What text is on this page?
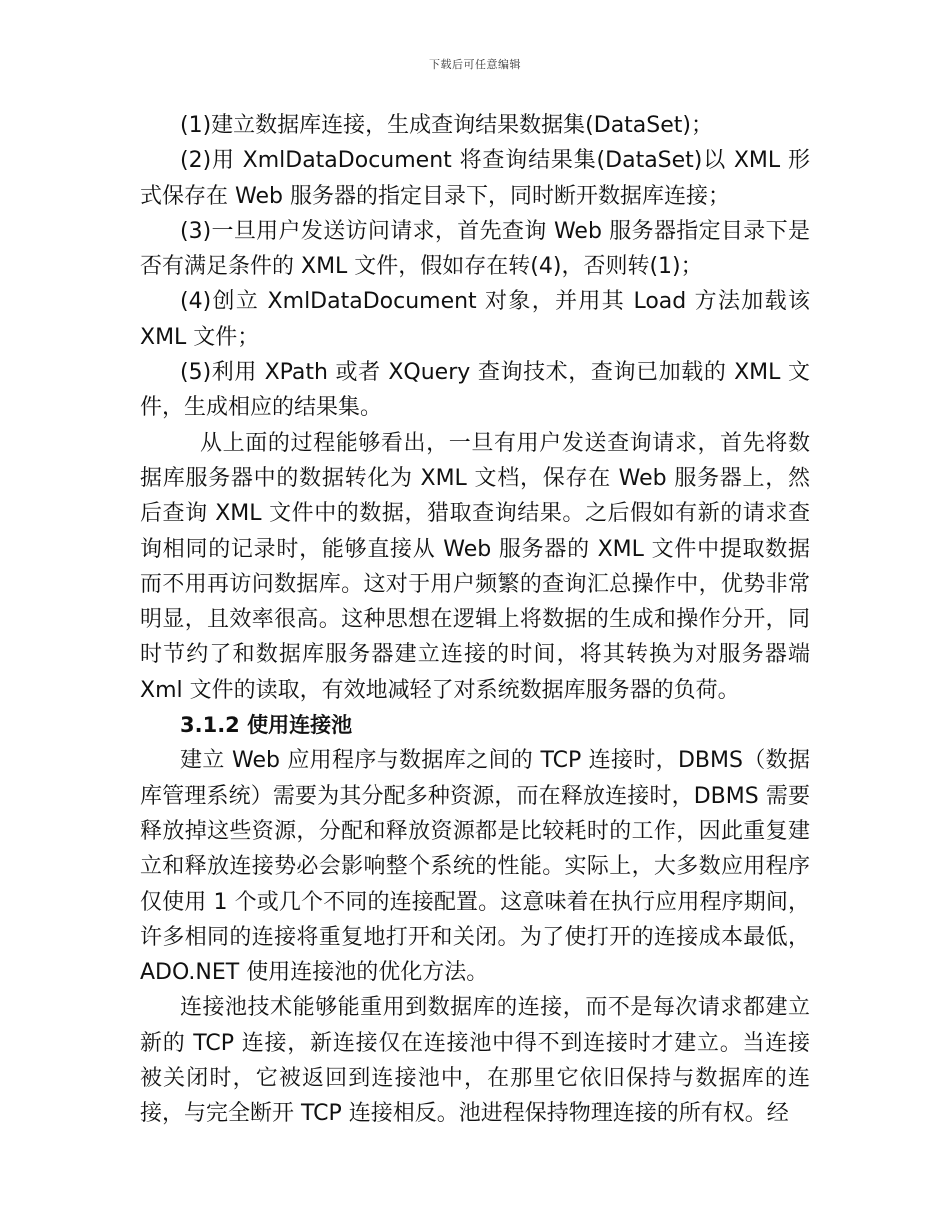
下载后可任意编辑

(1)建立数据库连接，生成查询结果数据集(DataSet)；

(2)用 XmlDataDocument 将查询结果集(DataSet)以 XML 形式保存在 Web 服务器的指定目录下，同时断开数据库连接；

(3)一旦用户发送访问请求，首先查询 Web 服务器指定目录下是否有满足条件的 XML 文件，假如存在转(4)，否则转(1)；

(4)创立 XmlDataDocument 对象，并用其 Load 方法加载该 XML 文件；

(5)利用 XPath 或者 XQuery 查询技术，查询已加载的 XML 文件，生成相应的结果集。

从上面的过程能够看出，一旦有用户发送查询请求，首先将数据库服务器中的数据转化为 XML 文档，保存在 Web 服务器上，然后查询 XML 文件中的数据，猎取查询结果。之后假如有新的请求查询相同的记录时，能够直接从 Web 服务器的 XML 文件中提取数据而不用再访问数据库。这对于用户频繁的查询汇总操作中，优势非常明显，且效率很高。这种思想在逻辑上将数据的生成和操作分开，同时节约了和数据库服务器建立连接的时间，将其转换为对服务器端 Xml 文件的读取，有效地减轻了对系统数据库服务器的负荷。

3.1.2 使用连接池

建立 Web 应用程序与数据库之间的 TCP 连接时，DBMS（数据库管理系统）需要为其分配多种资源，而在释放连接时，DBMS 需要释放掉这些资源，分配和释放资源都是比较耗时的工作，因此重复建立和释放连接势必会影响整个系统的性能。实际上，大多数应用程序仅使用 1 个或几个不同的连接配置。这意味着在执行应用程序期间，许多相同的连接将重复地打开和关闭。为了使打开的连接成本最低，ADO.NET 使用连接池的优化方法。

连接池技术能够能重用到数据库的连接，而不是每次请求都建立新的 TCP 连接，新连接仅在连接池中得不到连接时才建立。当连接被关闭时，它被返回到连接池中，在那里它依旧保持与数据库的连接，与完全断开 TCP 连接相反。池进程保持物理连接的所有权。经
